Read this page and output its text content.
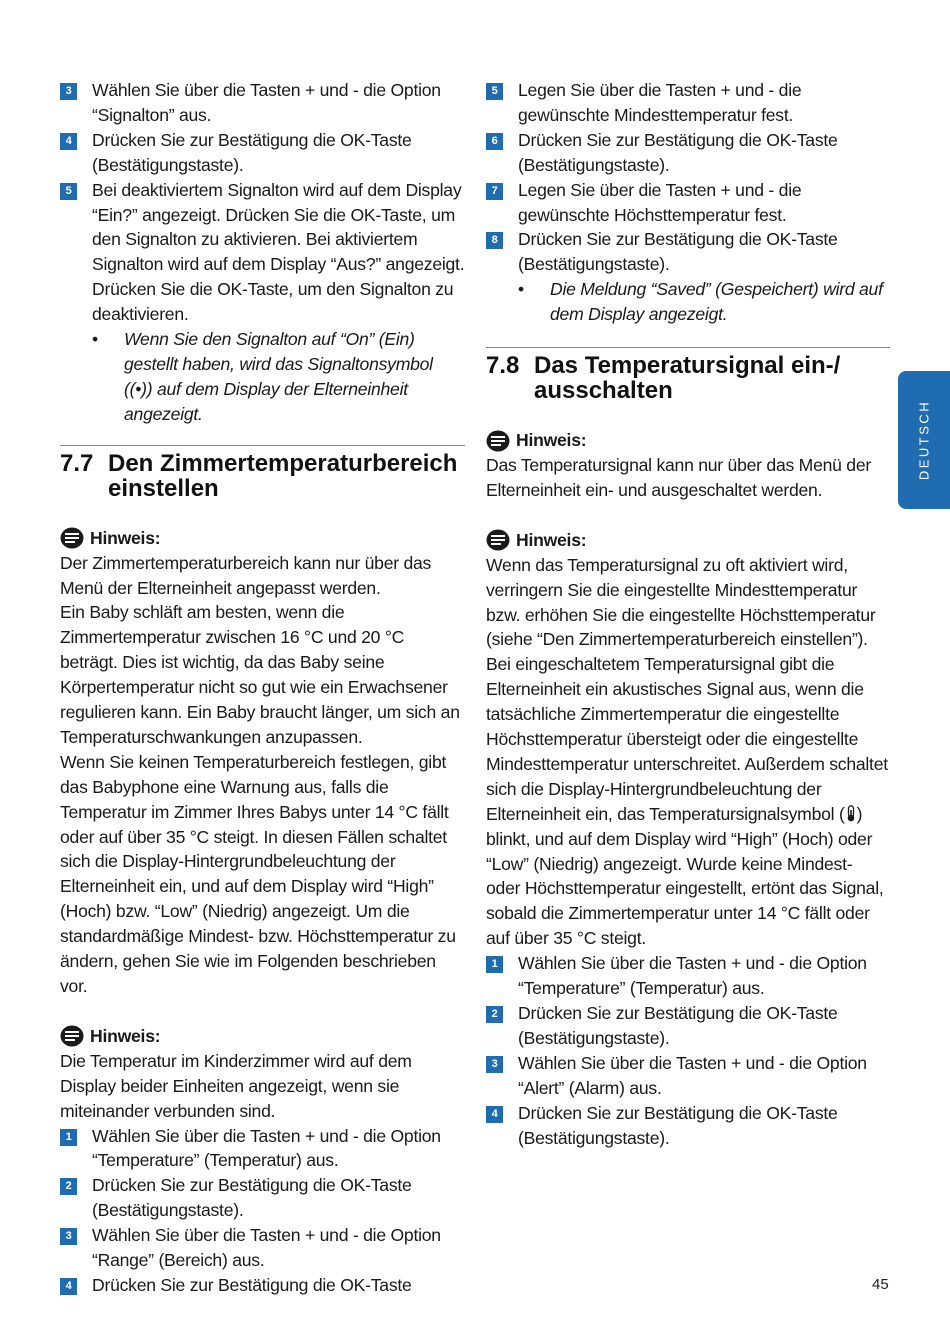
3	Wählen Sie über die Tasten + und - die Option “Signalton” aus.
4	Drücken Sie zur Bestätigung die OK-Taste (Bestätigungstaste).
5	Bei deaktiviertem Signalton wird auf dem Display “Ein?” angezeigt. Drücken Sie die OK-Taste, um den Signalton zu aktivieren. Bei aktiviertem Signalton wird auf dem Display “Aus?” angezeigt. Drücken Sie die OK-Taste, um den Signalton zu deaktivieren.
•	Wenn Sie den Signalton auf “On” (Ein) gestellt haben, wird das Signaltonsymbol ((•)) auf dem Display der Elterneinheit angezeigt.
7.7 Den Zimmertemperaturbereich einstellen
Hinweis:
Der Zimmertemperaturbereich kann nur über das Menü der Elterneinheit angepasst werden.
Ein Baby schläft am besten, wenn die Zimmertemperatur zwischen 16 °C und 20 °C beträgt. Dies ist wichtig, da das Baby seine Körpertemperatur nicht so gut wie ein Erwachsener regulieren kann. Ein Baby braucht länger, um sich an Temperaturschwankungen anzupassen.
Wenn Sie keinen Temperaturbereich festlegen, gibt das Babyphone eine Warnung aus, falls die Temperatur im Zimmer Ihres Babys unter 14 °C fällt oder auf über 35 °C steigt. In diesen Fällen schaltet sich die Display-Hintergrundbeleuchtung der Elterneinheit ein, und auf dem Display wird “High” (Hoch) bzw. “Low” (Niedrig) angezeigt. Um die standardmäßige Mindest- bzw. Höchsttemperatur zu ändern, gehen Sie wie im Folgenden beschrieben vor.
Hinweis:
Die Temperatur im Kinderzimmer wird auf dem Display beider Einheiten angezeigt, wenn sie miteinander verbunden sind.
1	Wählen Sie über die Tasten + und - die Option “Temperature” (Temperatur) aus.
2	Drücken Sie zur Bestätigung die OK-Taste (Bestätigungstaste).
3	Wählen Sie über die Tasten + und - die Option “Range” (Bereich) aus.
4	Drücken Sie zur Bestätigung die OK-Taste
5	Legen Sie über die Tasten + und - die gewünschte Mindesttemperatur fest.
6	Drücken Sie zur Bestätigung die OK-Taste (Bestätigungstaste).
7	Legen Sie über die Tasten + und - die gewünschte Höchsttemperatur fest.
8	Drücken Sie zur Bestätigung die OK-Taste (Bestätigungstaste).
•	Die Meldung “Saved” (Gespeichert) wird auf dem Display angezeigt.
7.8 Das Temperatursignal ein-/ ausschalten
Hinweis:
Das Temperatursignal kann nur über das Menü der Elterneinheit ein- und ausgeschaltet werden.
Hinweis:
Wenn das Temperatursignal zu oft aktiviert wird, verringern Sie die eingestellte Mindesttemperatur bzw. erhöhen Sie die eingestellte Höchsttemperatur (siehe “Den Zimmertemperaturbereich einstellen”).
Bei eingeschaltetem Temperatursignal gibt die Elterneinheit ein akustisches Signal aus, wenn die tatsächliche Zimmertemperatur die eingestellte Höchsttemperatur übersteigt oder die eingestellte Mindesttemperatur unterschreitet. Außerdem schaltet sich die Display-Hintergrundbeleuchtung der Elterneinheit ein, das Temperatursignalsymbol ( ) blinkt, und auf dem Display wird “High” (Hoch) oder “Low” (Niedrig) angezeigt. Wurde keine Mindest- oder Höchsttemperatur eingestellt, ertönt das Signal, sobald die Zimmertemperatur unter 14 °C fällt oder auf über 35 °C steigt.
1	Wählen Sie über die Tasten + und - die Option “Temperature” (Temperatur) aus.
2	Drücken Sie zur Bestätigung die OK-Taste (Bestätigungstaste).
3	Wählen Sie über die Tasten + und - die Option “Alert” (Alarm) aus.
4	Drücken Sie zur Bestätigung die OK-Taste (Bestätigungstaste).
DEUTSCH
45
